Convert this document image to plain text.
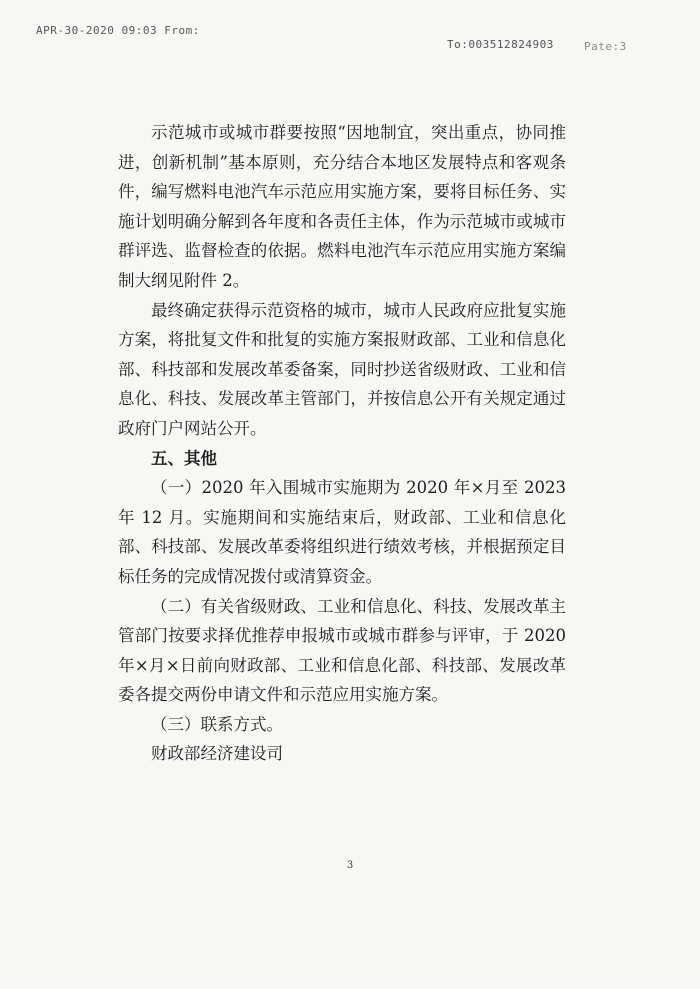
APR-30-2020 09:03 From:
To:003512824903	Pate:3

示范城市或城市群要按照“因地制宜，突出重点，协同推进，创新机制”基本原则，充分结合本地区发展特点和客观条件，编写燃料电池汽车示范应用实施方案，要将目标任务、实施计划明确分解到各年度和各责任主体，作为示范城市或城市群评选、监督检查的依据。燃料电池汽车示范应用实施方案编制大纲见附件 2。

最终确定获得示范资格的城市，城市人民政府应批复实施方案，将批复文件和批复的实施方案报财政部、工业和信息化部、科技部和发展改革委备案，同时抄送省级财政、工业和信息化、科技、发展改革主管部门，并按信息公开有关规定通过政府门户网站公开。

五、其他

（一）2020 年入围城市实施期为 2020 年×月至 2023 年 12 月。实施期间和实施结束后，财政部、工业和信息化部、科技部、发展改革委将组织进行绩效考核，并根据预定目标任务的完成情况拨付或清算资金。

（二）有关省级财政、工业和信息化、科技、发展改革主管部门按要求择优推荐申报城市或城市群参与评审，于 2020 年×月×日前向财政部、工业和信息化部、科技部、发展改革委各提交两份申请文件和示范应用实施方案。

（三）联系方式。

财政部经济建设司

3
